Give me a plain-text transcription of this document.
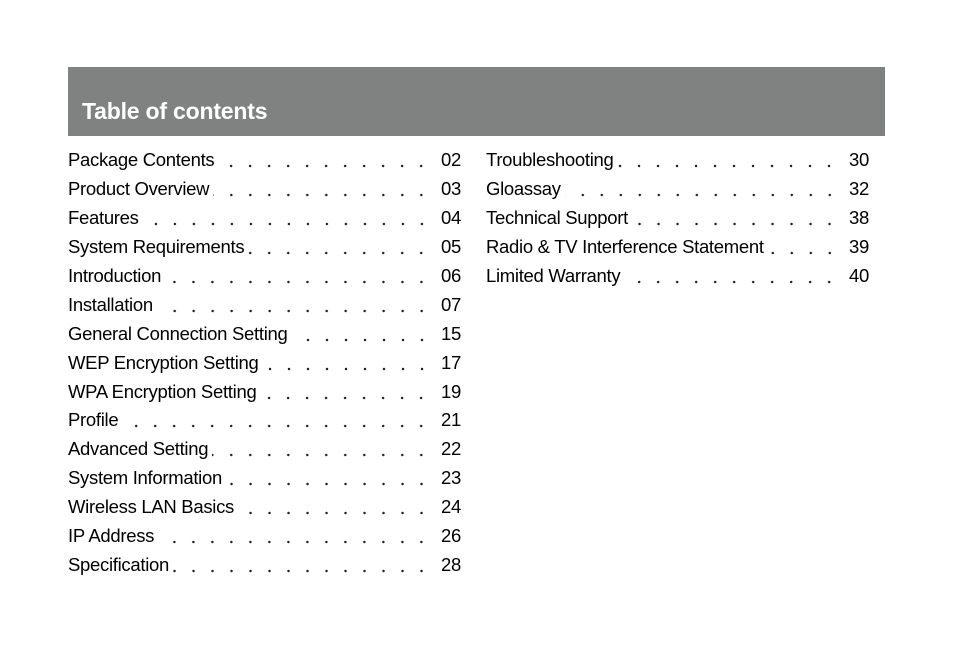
Table of contents
Package Contents	02
Product Overview	03
Features	04
System Requirements	05
Introduction	06
Installation	07
General Connection Setting	15
WEP Encryption Setting	17
WPA Encryption Setting	19
Profile	21
Advanced Setting	22
System Information	23
Wireless LAN Basics	24
IP Address	26
Specification	28
Troubleshooting	30
Gloassay	32
Technical Support	38
Radio & TV Interference Statement	39
Limited Warranty	40
